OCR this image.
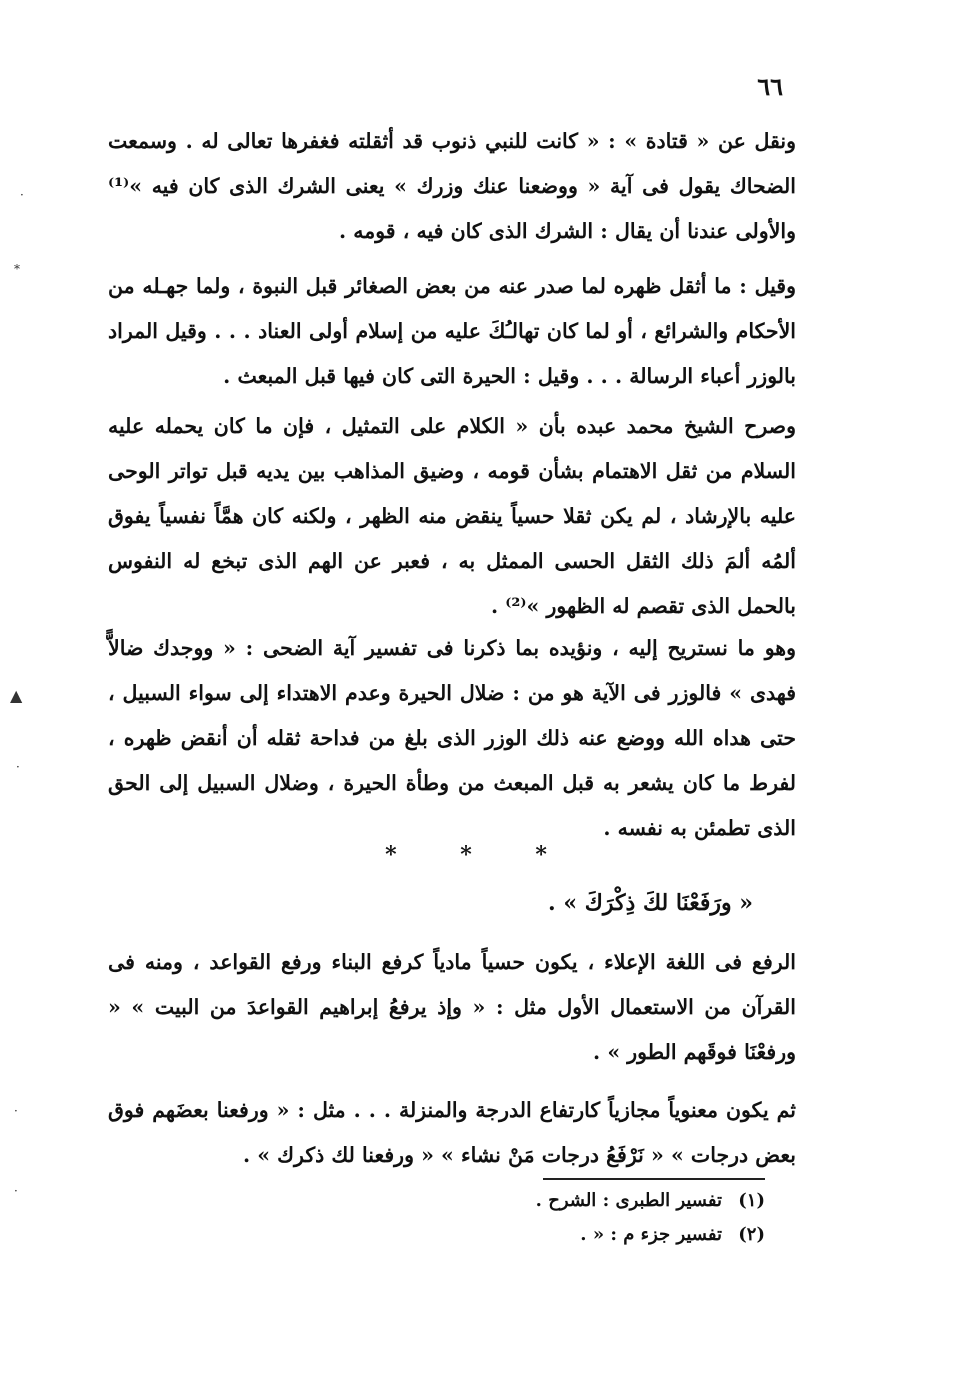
٦٦

ونقل عن « قتادة » : « كانت للنبي ذنوب قد أثقلته فغفرها تعالى له . وسمعت الضحاك يقول فى آية « ووضعنا عنك وزرك » يعنى الشرك الذى كان فيه »⁽¹⁾ والأولى عندنا أن يقال : الشرك الذى كان فيه ، قومه .

وقيل : ما أثقل ظهره لما صدر عنه من بعض الصغائر قبل النبوة ، ولما جهـله من الأحكام والشرائع ، أو لما كان تهالـُكَ عليه من إسلام أولى العناد . . . وقيل المراد بالوزر أعباء الرسالة . . . وقيل : الحيرة التى كان فيها قبل المبعث .

وصرح الشيخ محمد عبده بأن « الكلام على التمثيل ، فإن ما كان يحمله عليه السلام من ثقل الاهتمام بشأن قومه ، وضيق المذاهب بين يديه قبل تواتر الوحى عليه بالإرشاد ، لم يكن ثقلا حسياً ينقض منه الظهر ، ولكنه كان همَّاً نفسياً يفوق ألمُه ألمَ ذلك الثقل الحسى الممثل به ، فعبر عن الهم الذى تبخع له النفوس بالحمل الذى تقصم له الظهور »⁽²⁾ .

وهو ما نستريح إليه ، ونؤيده بما ذكرنا فى تفسير آية الضحى : « ووجدك ضالاًّ فهدى » فالوزر فى الآية هو من : ضلال الحيرة وعدم الاهتداء إلى سواء السبيل ، حتى هداه الله ووضع عنه ذلك الوزر الذى بلغ من فداحة ثقله أن أنقض ظهره ، لفرط ما كان يشعر به قبل المبعث من وطأة الحيرة ، وضلال السبيل إلى الحق الذى تطمئن به نفسه .

* * *
« ورَفَعْنَا لكَ ذِكْرَكَ » .

الرفع فى اللغة الإعلاء ، يكون حسياً مادياً كرفع البناء ورفع القواعد ، ومنه فى القرآن من الاستعمال الأول مثل : « وإذ يرفعُ إبراهيم القواعدَ من البيت » « ورفعْنَا فوقَهم الطور » .

ثم يكون معنوياً مجازياً كارتفاع الدرجة والمنزلة . . . مثل : « ورفعنا بعضَهم فوق بعض درجات » « نَرْفَعُ درجات مَنْ نشاء » « ورفعنا لك ذكرك » .

(١) تفسير الطبرى : الشرح .
(٢) تفسير جزء م : « .
·
*
▲
·
·
·
